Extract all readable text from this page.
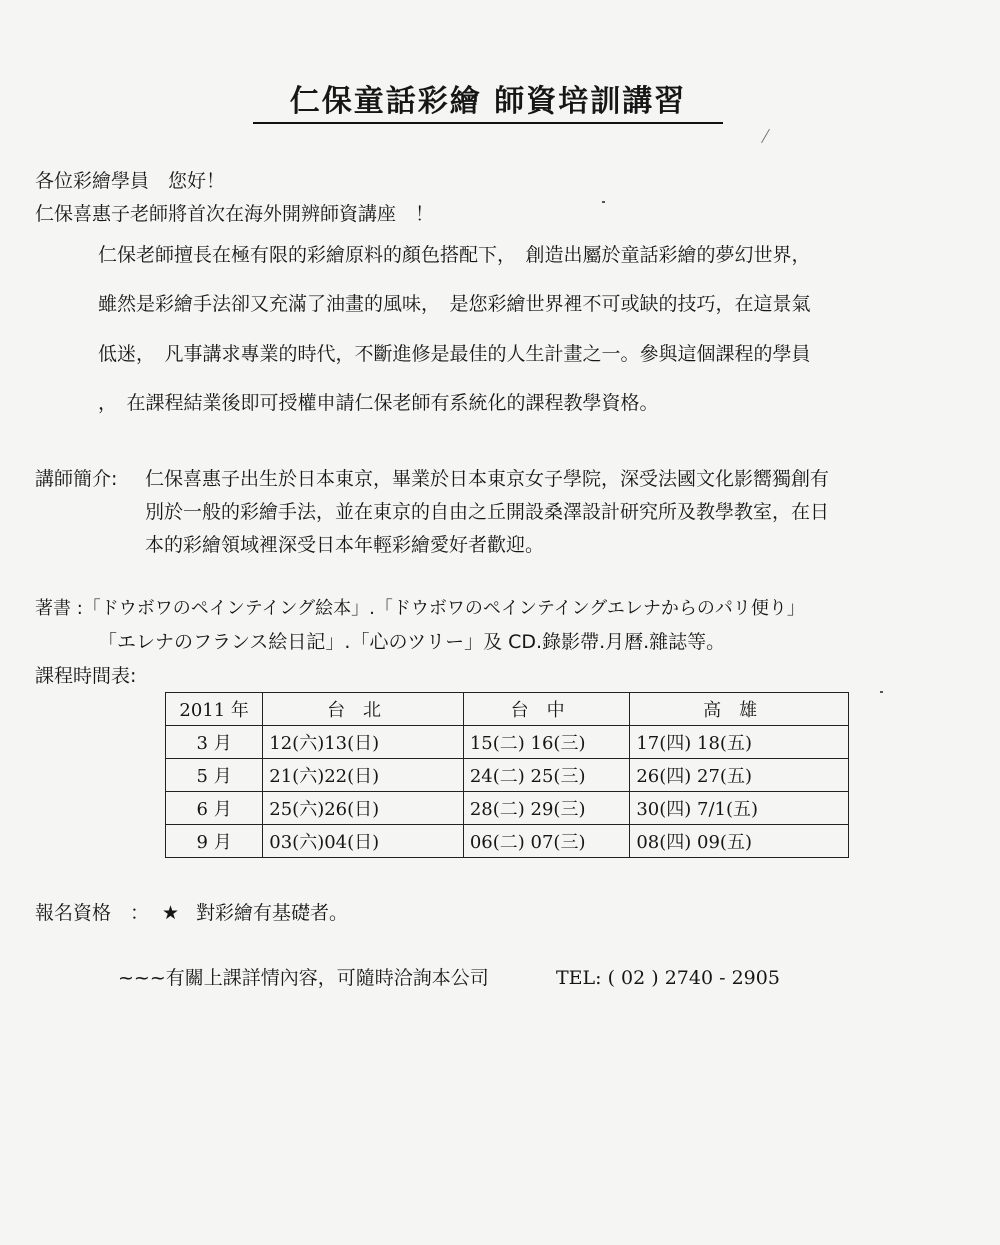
仁保童話彩繪 師資培訓講習
各位彩繪學員　您好！
仁保喜惠子老師將首次在海外開辨師資講座　！
仁保老師擅長在極有限的彩繪原料的顏色搭配下，　創造出屬於童話彩繪的夢幻世界，
雖然是彩繪手法卻又充滿了油畫的風味，　是您彩繪世界裡不可或缺的技巧，在這景氣
低迷，　凡事講求專業的時代，不斷進修是最佳的人生計畫之一。參與這個課程的學員
，　在課程結業後即可授權申請仁保老師有系統化的課程教學資格。
講師簡介: 仁保喜惠子出生於日本東京，畢業於日本東京女子學院，深受法國文化影嚮獨創有
別於一般的彩繪手法，並在東京的自由之丘開設桑澤設計研究所及教學教室，在日
本的彩繪領域裡深受日本年輕彩繪愛好者歡迎。
著書 :「ドウボワのペインテイング絵本」.「ドウボワのペインテイングエレナからのパリ便り」
「エレナのフランス絵日記」.「心のツリー」及 CD.錄影帶.月曆.雜誌等。
課程時間表:
2011 年	台北	台中	高雄
3 月	12(六)13(日)	15(二) 16(三)	17(四) 18(五)
5 月	21(六)22(日)	24(二) 25(三)	26(四) 27(五)
6 月	25(六)26(日)	28(二) 29(三)	30(四) 7/1(五)
9 月	03(六)04(日)	06(二) 07(三)	08(四) 09(五)
報名資格　： ★ 對彩繪有基礎者。
~~~有關上課詳情內容，可隨時洽詢本公司	TEL: ( 02 ) 2740 - 2905
